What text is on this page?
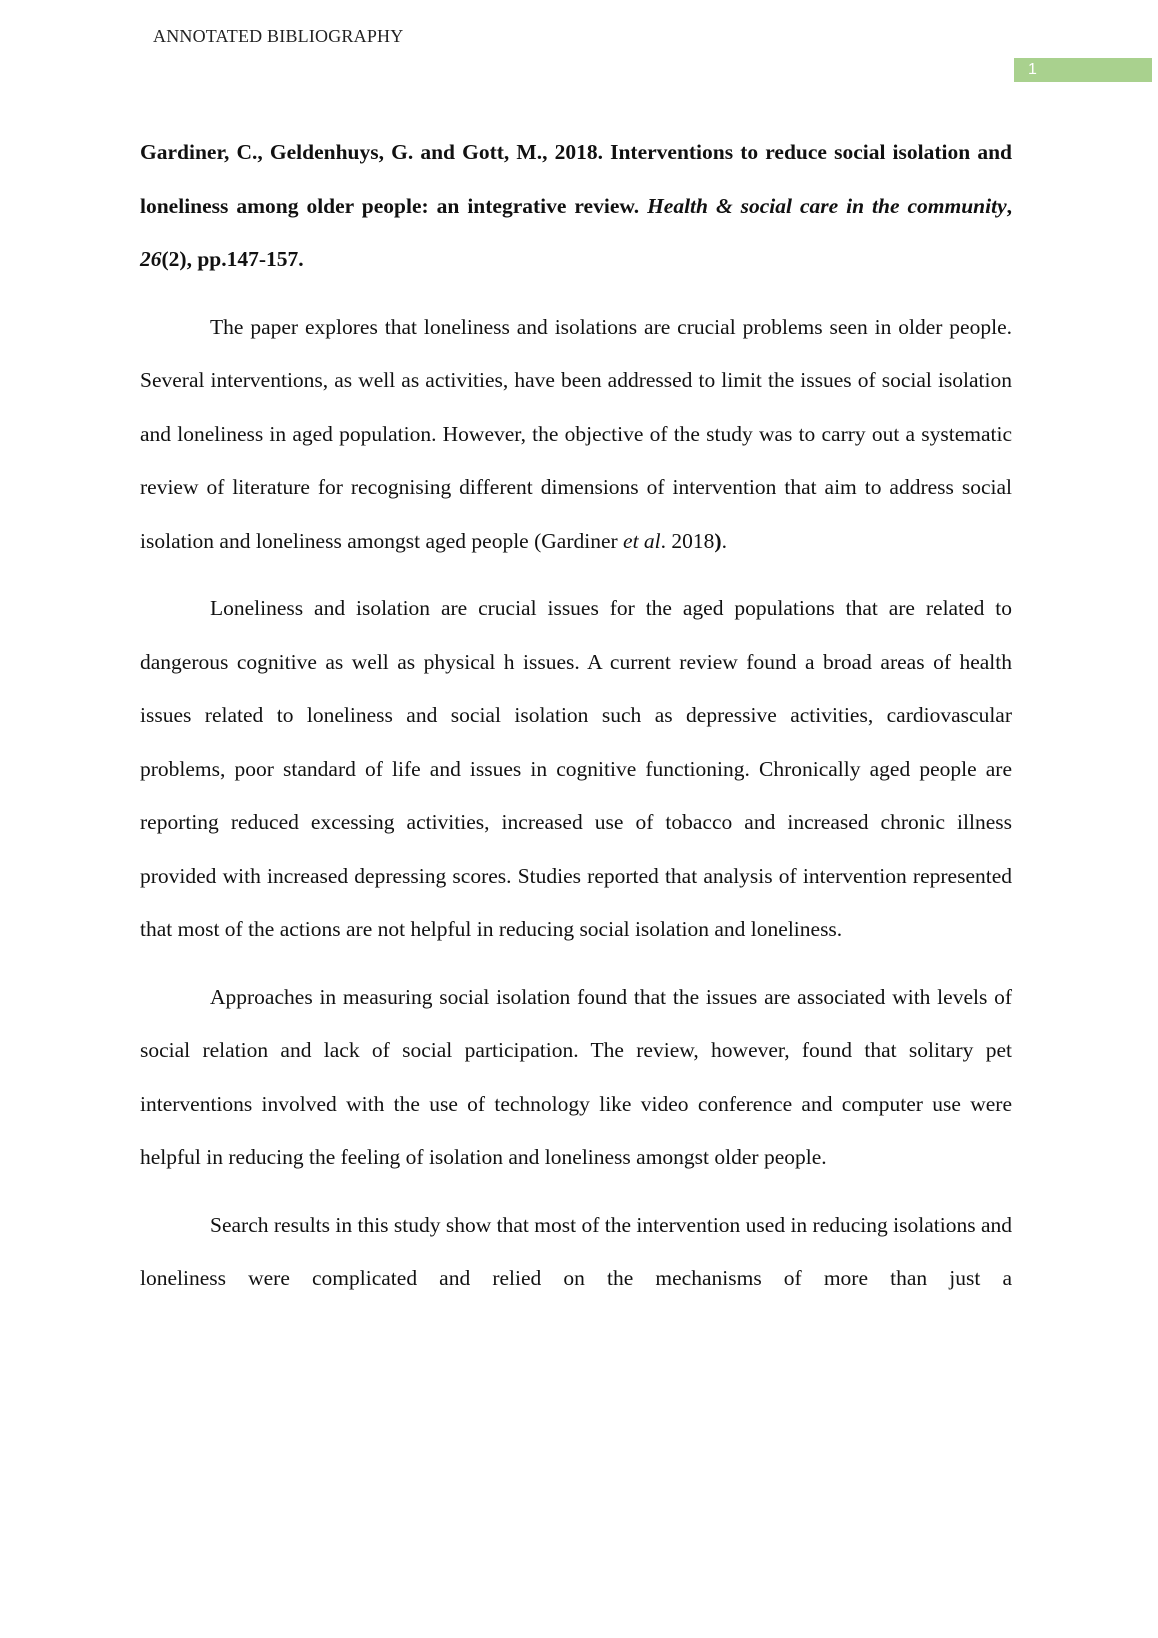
ANNOTATED BIBLIOGRAPHY
1

Gardiner, C., Geldenhuys, G. and Gott, M., 2018. Interventions to reduce social isolation and loneliness among older people: an integrative review. Health & social care in the community, 26(2), pp.147-157.

The paper explores that loneliness and isolations are crucial problems seen in older people. Several interventions, as well as activities, have been addressed to limit the issues of social isolation and loneliness in aged population. However, the objective of the study was to carry out a systematic review of literature for recognising different dimensions of intervention that aim to address social isolation and loneliness amongst aged people (Gardiner et al. 2018).

Loneliness and isolation are crucial issues for the aged populations that are related to dangerous cognitive as well as physical h issues. A current review found a broad areas of health issues related to loneliness and social isolation such as depressive activities, cardiovascular problems, poor standard of life and issues in cognitive functioning. Chronically aged people are reporting reduced excessing activities, increased use of tobacco and increased chronic illness provided with increased depressing scores. Studies reported that analysis of intervention represented that most of the actions are not helpful in reducing social isolation and loneliness.

Approaches in measuring social isolation found that the issues are associated with levels of social relation and lack of social participation. The review, however, found that solitary pet interventions involved with the use of technology like video conference and computer use were helpful in reducing the feeling of isolation and loneliness amongst older people.

Search results in this study show that most of the intervention used in reducing isolations and loneliness were complicated and relied on the mechanisms of more than just a
